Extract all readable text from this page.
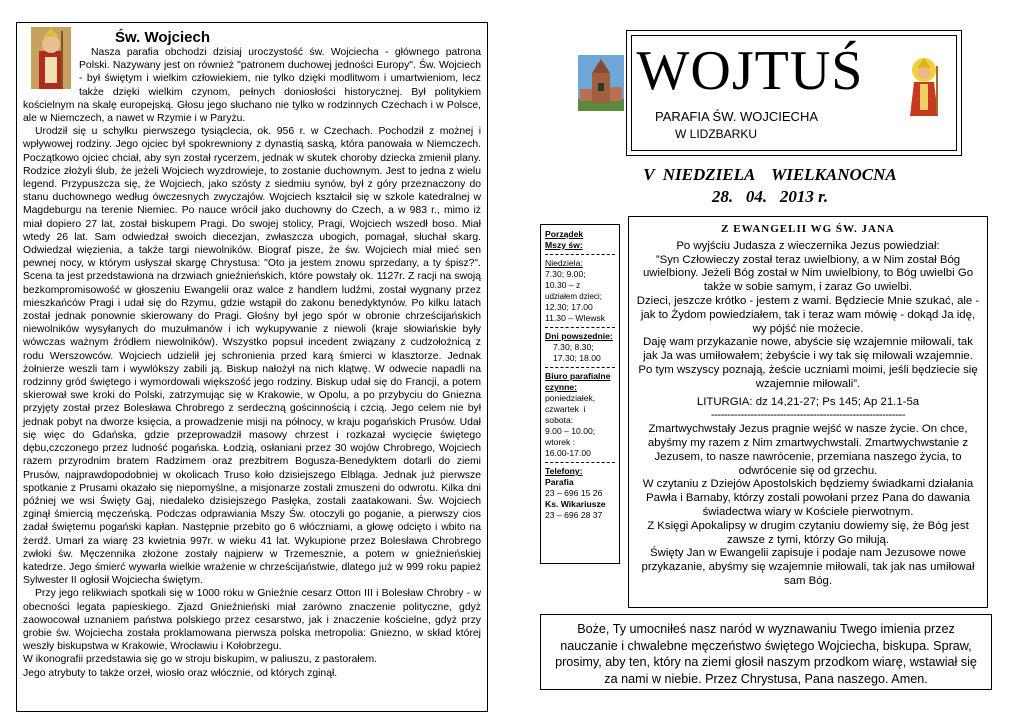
Św. Wojciech

Nasza parafia obchodzi dzisiaj uroczystość św. Wojciecha - głównego patrona Polski. Nazywany jest on również "patronem duchowej jedności Europy". Św. Wojciech - był świętym i wielkim człowiekiem, nie tylko dzięki modlitwom i umartwieniom, lecz także dzięki wielkim czynom, pełnych doniosłości historycznej. Był politykiem kościelnym na skalę europejską. Głosu jego słuchano nie tylko w rodzinnych Czechach i w Polsce, ale w Niemczech, a nawet w Rzymie i w Paryżu.

Urodził się u schyłku pierwszego tysiąclecia, ok. 956 r. w Czechach. Pochodził z możnej i wpływowej rodziny. Jego ojciec był spokrewniony z dynastią saską, która panowała w Niemczech. Początkowo ojciec chciał, aby syn został rycerzem, jednak w skutek choroby dziecka zmienił plany. Rodzice złożyli ślub, że jeżeli Wojciech wyzdrowieje, to zostanie duchownym. Jest to jedna z wielu legend. Przypuszcza się, że Wojciech, jako szósty z siedmiu synów, był z góry przeznaczony do stanu duchownego według ówczesnych zwyczajów. Wojciech kształcił się w szkole katedralnej w Magdeburgu na terenie Niemiec. Po nauce wrócił jako duchowny do Czech, a w 983 r., mimo iż miał dopiero 27 lat, został biskupem Pragi. Do swojej stolicy, Pragi, Wojciech wszedł boso. Miał wtedy 26 lat. Sam odwiedzał swoich diecezjan, zwłaszcza ubogich, pomagał, słuchał skarg. Odwiedzał więzienia, a także targi niewolników. Biograf pisze, że św. Wojciech miał mieć sen pewnej nocy, w którym usłyszał skargę Chrystusa: "Oto ja jestem znowu sprzedany, a ty śpisz?". Scena ta jest przedstawiona na drzwiach gnieźnieńskich, które powstały ok. 1127r. Z racji na swoją bezkompromisowość w głoszeniu Ewangelii oraz walce z handlem ludźmi, został wygnany przez mieszkańców Pragi i udał się do Rzymu, gdzie wstąpił do zakonu benedyktynów. Po kilku latach został jednak ponownie skierowany do Pragi. Głośny był jego spór w obronie chrześcijańskich niewolników wysyłanych do muzułmanów i ich wykupywanie z niewoli (kraje słowiańskie były wówczas ważnym źródłem niewolników). Wszystko popsuł incedent związany z cudzołożnicą z rodu Werszowców. Wojciech udzielił jej schronienia przed karą śmierci w klasztorze. Jednak żołnierze weszli tam i wywlókszy zabili ją. Biskup nałożył na nich klątwę. W odwecie napadli na rodzinny gród świętego i wymordowali większość jego rodziny. Biskup udał się do Francji, a potem skierował swe kroki do Polski, zatrzymując się w Krakowie, w Opolu, a po przybyciu do Gniezna przyjęty został przez Bolesława Chrobrego z serdeczną gościnnością i czcią. Jego celem nie był jednak pobyt na dworze księcia, a prowadzenie misji na północy, w kraju pogańskich Prusów. Udał się więc do Gdańska, gdzie przeprowadził masowy chrzest i rozkazał wycięcie świętego dębu,czczonego przez ludność pogańska. Łodzią, osłaniani przez 30 wojów Chrobrego, Wojciech razem przyrodnim bratem Radzimem oraz prezbitrem Bogusza-Benedyktem dotarli do ziemi Prusów, najprawdopodobniej w okolicach Truso koło dzisiejszego Elbląga. Jednak już pierwsze spotkanie z Prusami okazało się niepomyślne, a misjonarze zostali zmuszeni do odwrotu. Kilka dni później we wsi Święty Gaj, niedaleko dzisiejszego Pasłęka, zostali zaatakowani. Św. Wojciech zginął śmiercią męczeńską. Podczas odprawiania Mszy Św. otoczyli go poganie, a pierwszy cios zadał świętemu pogański kapłan. Następnie przebito go 6 włóczniami, a głowę odcięto i wbito na żerdź. Umarł za wiarę 23 kwietnia 997r. w wieku 41 lat. Wykupione przez Bolesława Chrobrego zwłoki św. Męczennika złożone zostały najpierw w Trzemesznie, a potem w gnieźnieńskiej katedrze. Jego śmierć wywarła wielkie wrażenie w chrześcijaństwie, dlatego już w 999 roku papież Sylwester II ogłosił Wojciecha świętym.

Przy jego relikwiach spotkali się w 1000 roku w Gnieźnie cesarz Otton III i Bolesław Chrobry - w obecności legata papieskiego. Zjazd Gnieźnieński miał zarówno znaczenie polityczne, gdyż zaowocował uznaniem państwa polskiego przez cesarstwo, jak i znaczenie kościelne, gdyż przy grobie św. Wojciecha została proklamowana pierwsza polska metropolia: Gniezno, w skład której weszły biskupstwa w Krakowie, Wrocławiu i Kołobrzegu.

W ikonografii przedstawia się go w stroju biskupim, w paliuszu, z pastorałem.

Jego atrybuty to także orzeł, wiosło oraz włócznie, od których zginął.

WOJTUŚ
PARAFIA ŚW. WOJCIECHA
W LIDZBARKU
V  NIEDZIELA    WIELKANOCNA
28.   04.   2013 r.
Porządek
Mszy św:
Niedziela:
7.30; 9.00;
10.30 – z
udziałem dzieci;
12.30; 17.00
11.30 – Wlewsk
Dni powszednie:
7.30; 8.30;
17.30; 18.00
Biuro parafialne
czynne:
poniedziałek,
czwartek  i
sobota:
9.00 – 10.00;
wtorek :
16.00-17.00
Telefony:
Parafia
23 – 696 15 26
Ks. Wikariusze
23 – 696 28 37
Z EWANGELII WG ŚW. JANA

Po wyjściu Judasza z wieczernika Jezus powiedział:

”Syn Człowieczy został teraz uwielbiony, a w Nim został Bóg uwielbiony. Jeżeli Bóg został w Nim uwielbiony, to Bóg uwielbi Go także w sobie samym, i zaraz Go uwielbi.

Dzieci, jeszcze krótko - jestem z wami. Będziecie Mnie szukać, ale - jak to Żydom powiedziałem, tak i teraz wam mówię - dokąd Ja idę, wy pójść nie możecie.

Daję wam przykazanie nowe, abyście się wzajemnie miłowali, tak jak Ja was umiłowałem; żebyście i wy tak się miłowali wzajemnie. Po tym wszyscy poznają, żeście uczniami moimi, jeśli będziecie się wzajemnie miłowali”.

LITURGIA: dz 14,21-27; Ps 145; Ap 21.1-5a

-----------------------------------------------------------

Zmartwychwstały Jezus pragnie wejść w nasze życie. On chce, abyśmy my razem z Nim zmartwychwstali. Zmartwychwstanie z Jezusem, to nasze nawrócenie, przemiana naszego życia, to odwrócenie się od grzechu.

W czytaniu z Dziejów Apostolskich będziemy świadkami działania Pawła i Barnaby, którzy zostali powołani przez Pana do dawania świadectwa wiary w Kościele pierwotnym.

Z Księgi Apokalipsy w drugim czytaniu dowiemy się, że Bóg jest zawsze z tymi, którzy Go miłują.

Święty Jan w Ewangelii zapisuje i podaje nam Jezusowe nowe przykazanie, abyśmy się wzajemnie miłowali, tak jak nas umiłował sam Bóg.

Boże, Ty umocniłeś nasz naród w wyznawaniu Twego imienia przez nauczanie i chwalebne męczeństwo świętego Wojciecha, biskupa. Spraw, prosimy, aby ten, który na ziemi głosił naszym przodkom wiarę, wstawiał się za nami w niebie. Przez Chrystusa, Pana naszego. Amen.
